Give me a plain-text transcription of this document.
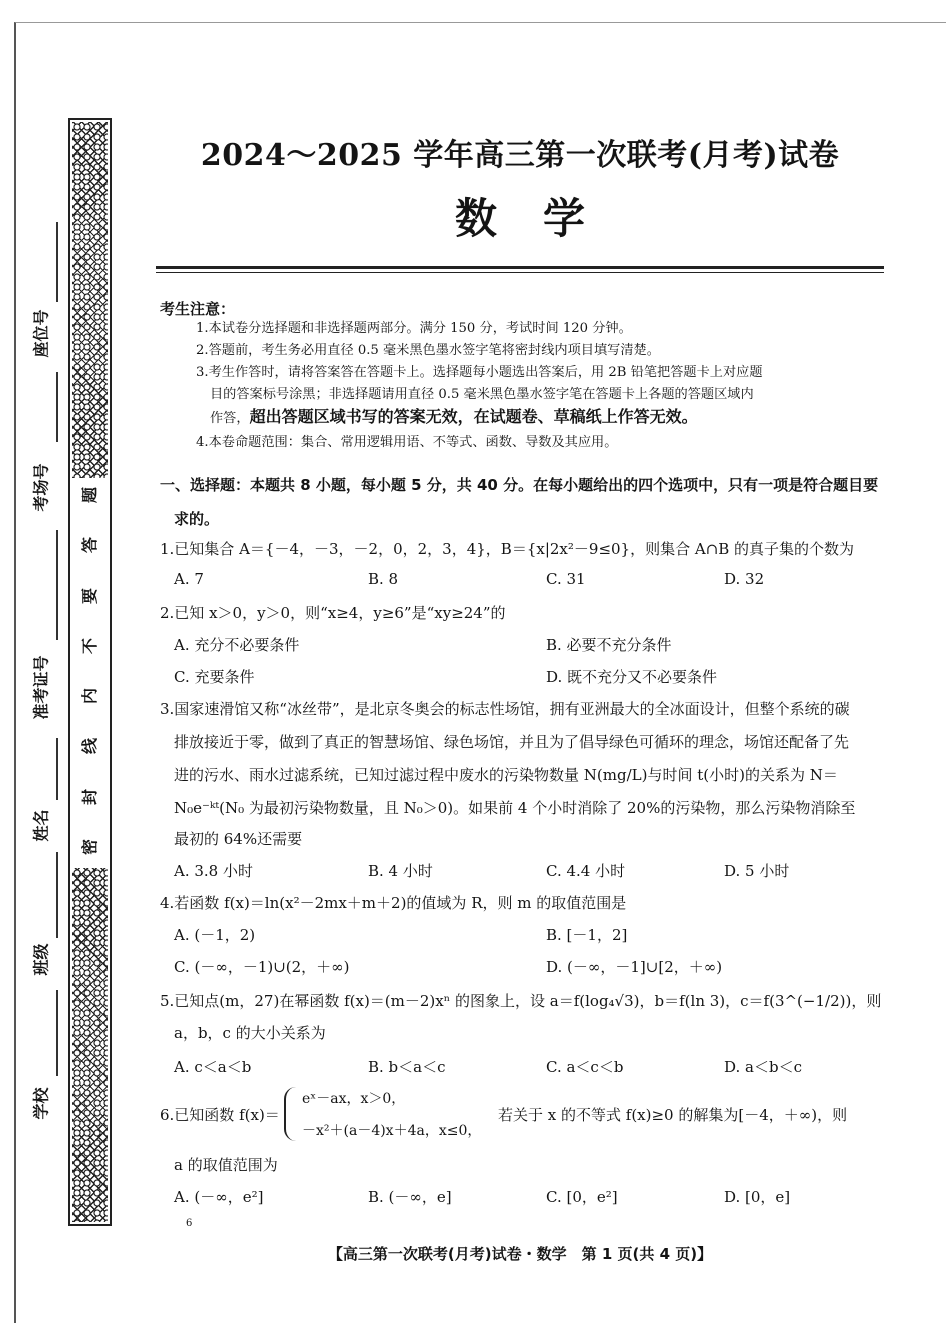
座位号
考场号
准考证号
姓名
班级
学校
题
答
要
不
内
线
封
密
2024～2025 学年高三第一次联考(月考)试卷
数学
考生注意：
1.本试卷分选择题和非选择题两部分。满分 150 分，考试时间 120 分钟。
2.答题前，考生务必用直径 0.5 毫米黑色墨水签字笔将密封线内项目填写清楚。
3.考生作答时，请将答案答在答题卡上。选择题每小题选出答案后，用 2B 铅笔把答题卡上对应题
目的答案标号涂黑；非选择题请用直径 0.5 毫米黑色墨水签字笔在答题卡上各题的答题区域内
作答，超出答题区域书写的答案无效，在试题卷、草稿纸上作答无效。
4.本卷命题范围：集合、常用逻辑用语、不等式、函数、导数及其应用。
一、选择题：本题共 8 小题，每小题 5 分，共 40 分。在每小题给出的四个选项中，只有一项是符合题目要
求的。
1.已知集合 A＝{－4，－3，－2，0，2，3，4}，B＝{x|2x²－9≤0}，则集合 A∩B 的真子集的个数为
A. 7	B. 8	C. 31	D. 32
2.已知 x＞0，y＞0，则“x≥4，y≥6”是“xy≥24”的
A. 充分不必要条件	B. 必要不充分条件
C. 充要条件	D. 既不充分又不必要条件
3.国家速滑馆又称“冰丝带”，是北京冬奥会的标志性场馆，拥有亚洲最大的全冰面设计，但整个系统的碳
排放接近于零，做到了真正的智慧场馆、绿色场馆，并且为了倡导绿色可循环的理念，场馆还配备了先
进的污水、雨水过滤系统，已知过滤过程中废水的污染物数量 N(mg/L)与时间 t(小时)的关系为 N＝
N₀e⁻ᵏᵗ(N₀ 为最初污染物数量，且 N₀＞0)。如果前 4 个小时消除了 20%的污染物，那么污染物消除至
最初的 64%还需要
A. 3.8 小时	B. 4 小时	C. 4.4 小时	D. 5 小时
4.若函数 f(x)＝ln(x²－2mx＋m＋2)的值域为 R，则 m 的取值范围是
A. (－1，2)	B. [－1，2]
C. (－∞，－1)∪(2，＋∞)	D. (－∞，－1]∪[2，＋∞)
5.已知点(m，27)在幂函数 f(x)＝(m－2)xⁿ 的图象上，设 a＝f(log₄√3)，b＝f(ln 3)，c＝f(3^(−1/2))，则
a，b，c 的大小关系为
A. c＜a＜b	B. b＜a＜c	C. a＜c＜b	D. a＜b＜c
6.已知函数 f(x)＝
eˣ－ax，x＞0，
－x²＋(a－4)x＋4a，x≤0，
若关于 x 的不等式 f(x)≥0 的解集为[－4，＋∞)，则
a 的取值范围为
A. (－∞，e²]	B. (－∞，e]	C. [0，e²]	D. [0，e]
6
【高三第一次联考(月考)试卷・数学　第 1 页(共 4 页)】
